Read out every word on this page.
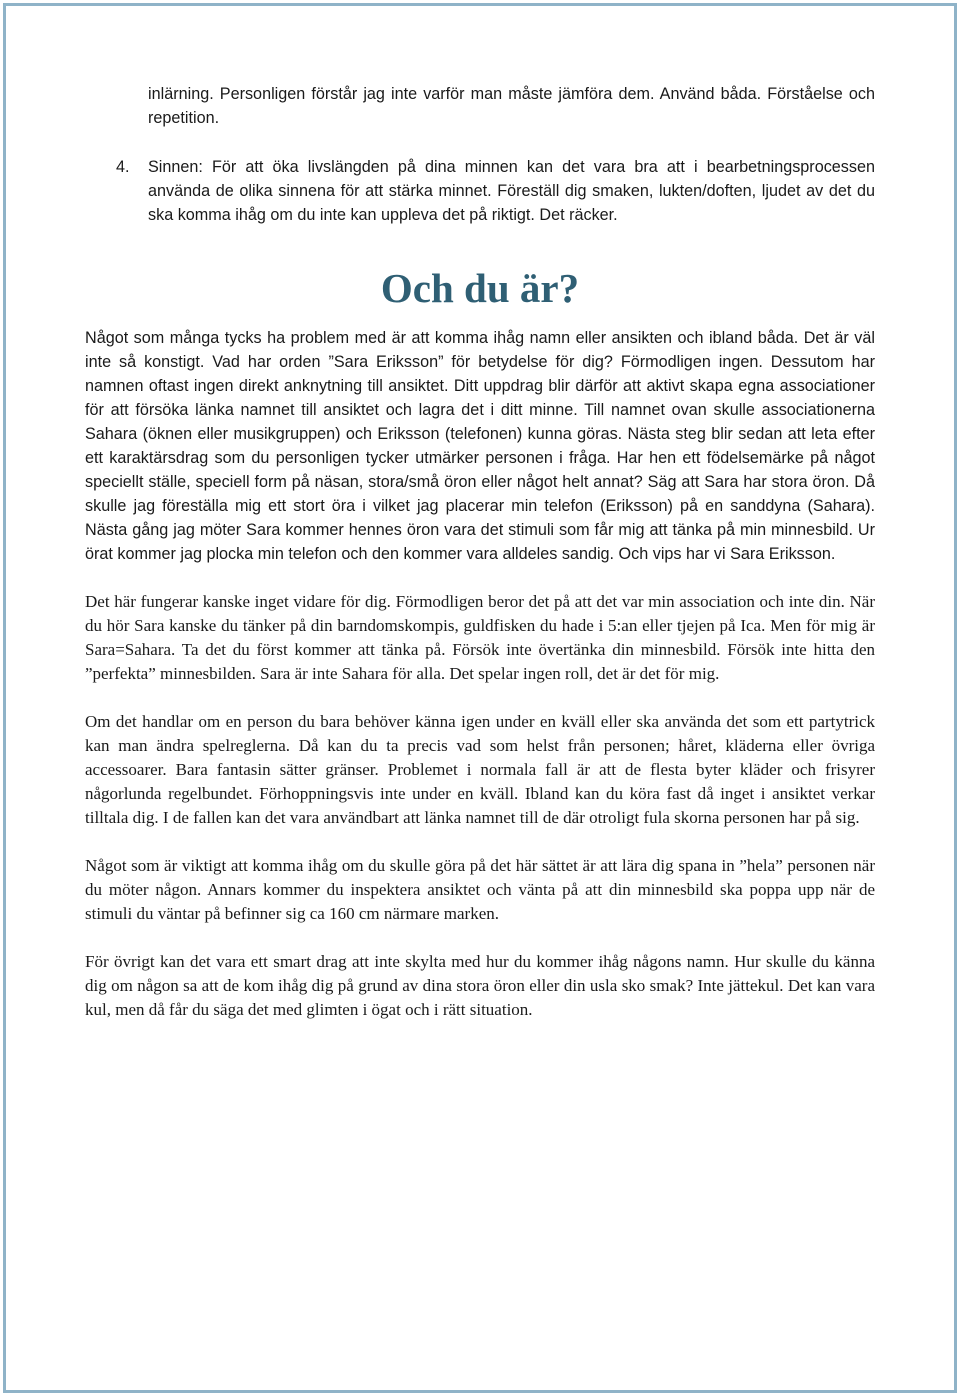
inlärning. Personligen förstår jag inte varför man måste jämföra dem. Använd båda. Förståelse och repetition.

4. Sinnen: För att öka livslängden på dina minnen kan det vara bra att i bearbetningsprocessen använda de olika sinnena för att stärka minnet. Föreställ dig smaken, lukten/doften, ljudet av det du ska komma ihåg om du inte kan uppleva det på riktigt. Det räcker.

Och du är?

Något som många tycks ha problem med är att komma ihåg namn eller ansikten och ibland båda. Det är väl inte så konstigt. Vad har orden ”Sara Eriksson” för betydelse för dig? Förmodligen ingen. Dessutom har namnen oftast ingen direkt anknytning till ansiktet. Ditt uppdrag blir därför att aktivt skapa egna associationer för att försöka länka namnet till ansiktet och lagra det i ditt minne. Till namnet ovan skulle associationerna Sahara (öknen eller musikgruppen) och Eriksson (telefonen) kunna göras. Nästa steg blir sedan att leta efter ett karaktärsdrag som du personligen tycker utmärker personen i fråga. Har hen ett födelsemärke på något speciellt ställe, speciell form på näsan, stora/små öron eller något helt annat? Säg att Sara har stora öron. Då skulle jag föreställa mig ett stort öra i vilket jag placerar min telefon (Eriksson) på en sanddyna (Sahara). Nästa gång jag möter Sara kommer hennes öron vara det stimuli som får mig att tänka på min minnesbild. Ur örat kommer jag plocka min telefon och den kommer vara alldeles sandig. Och vips har vi Sara Eriksson.

Det här fungerar kanske inget vidare för dig. Förmodligen beror det på att det var min association och inte din. När du hör Sara kanske du tänker på din barndomskompis, guldfisken du hade i 5:an eller tjejen på Ica. Men för mig är Sara=Sahara. Ta det du först kommer att tänka på. Försök inte övertänka din minnesbild. Försök inte hitta den ”perfekta” minnesbilden. Sara är inte Sahara för alla. Det spelar ingen roll, det är det för mig.

Om det handlar om en person du bara behöver känna igen under en kväll eller ska använda det som ett partytrick kan man ändra spelreglerna. Då kan du ta precis vad som helst från personen; håret, kläderna eller övriga accessoarer. Bara fantasin sätter gränser. Problemet i normala fall är att de flesta byter kläder och frisyrer någorlunda regelbundet. Förhoppningsvis inte under en kväll. Ibland kan du köra fast då inget i ansiktet verkar tilltala dig. I de fallen kan det vara användbart att länka namnet till de där otroligt fula skorna personen har på sig.

Något som är viktigt att komma ihåg om du skulle göra på det här sättet är att lära dig spana in ”hela” personen när du möter någon. Annars kommer du inspektera ansiktet och vänta på att din minnesbild ska poppa upp när de stimuli du väntar på befinner sig ca 160 cm närmare marken.

För övrigt kan det vara ett smart drag att inte skylta med hur du kommer ihåg någons namn. Hur skulle du känna dig om någon sa att de kom ihåg dig på grund av dina stora öron eller din usla sko smak? Inte jättekul. Det kan vara kul, men då får du säga det med glimten i ögat och i rätt situation.
